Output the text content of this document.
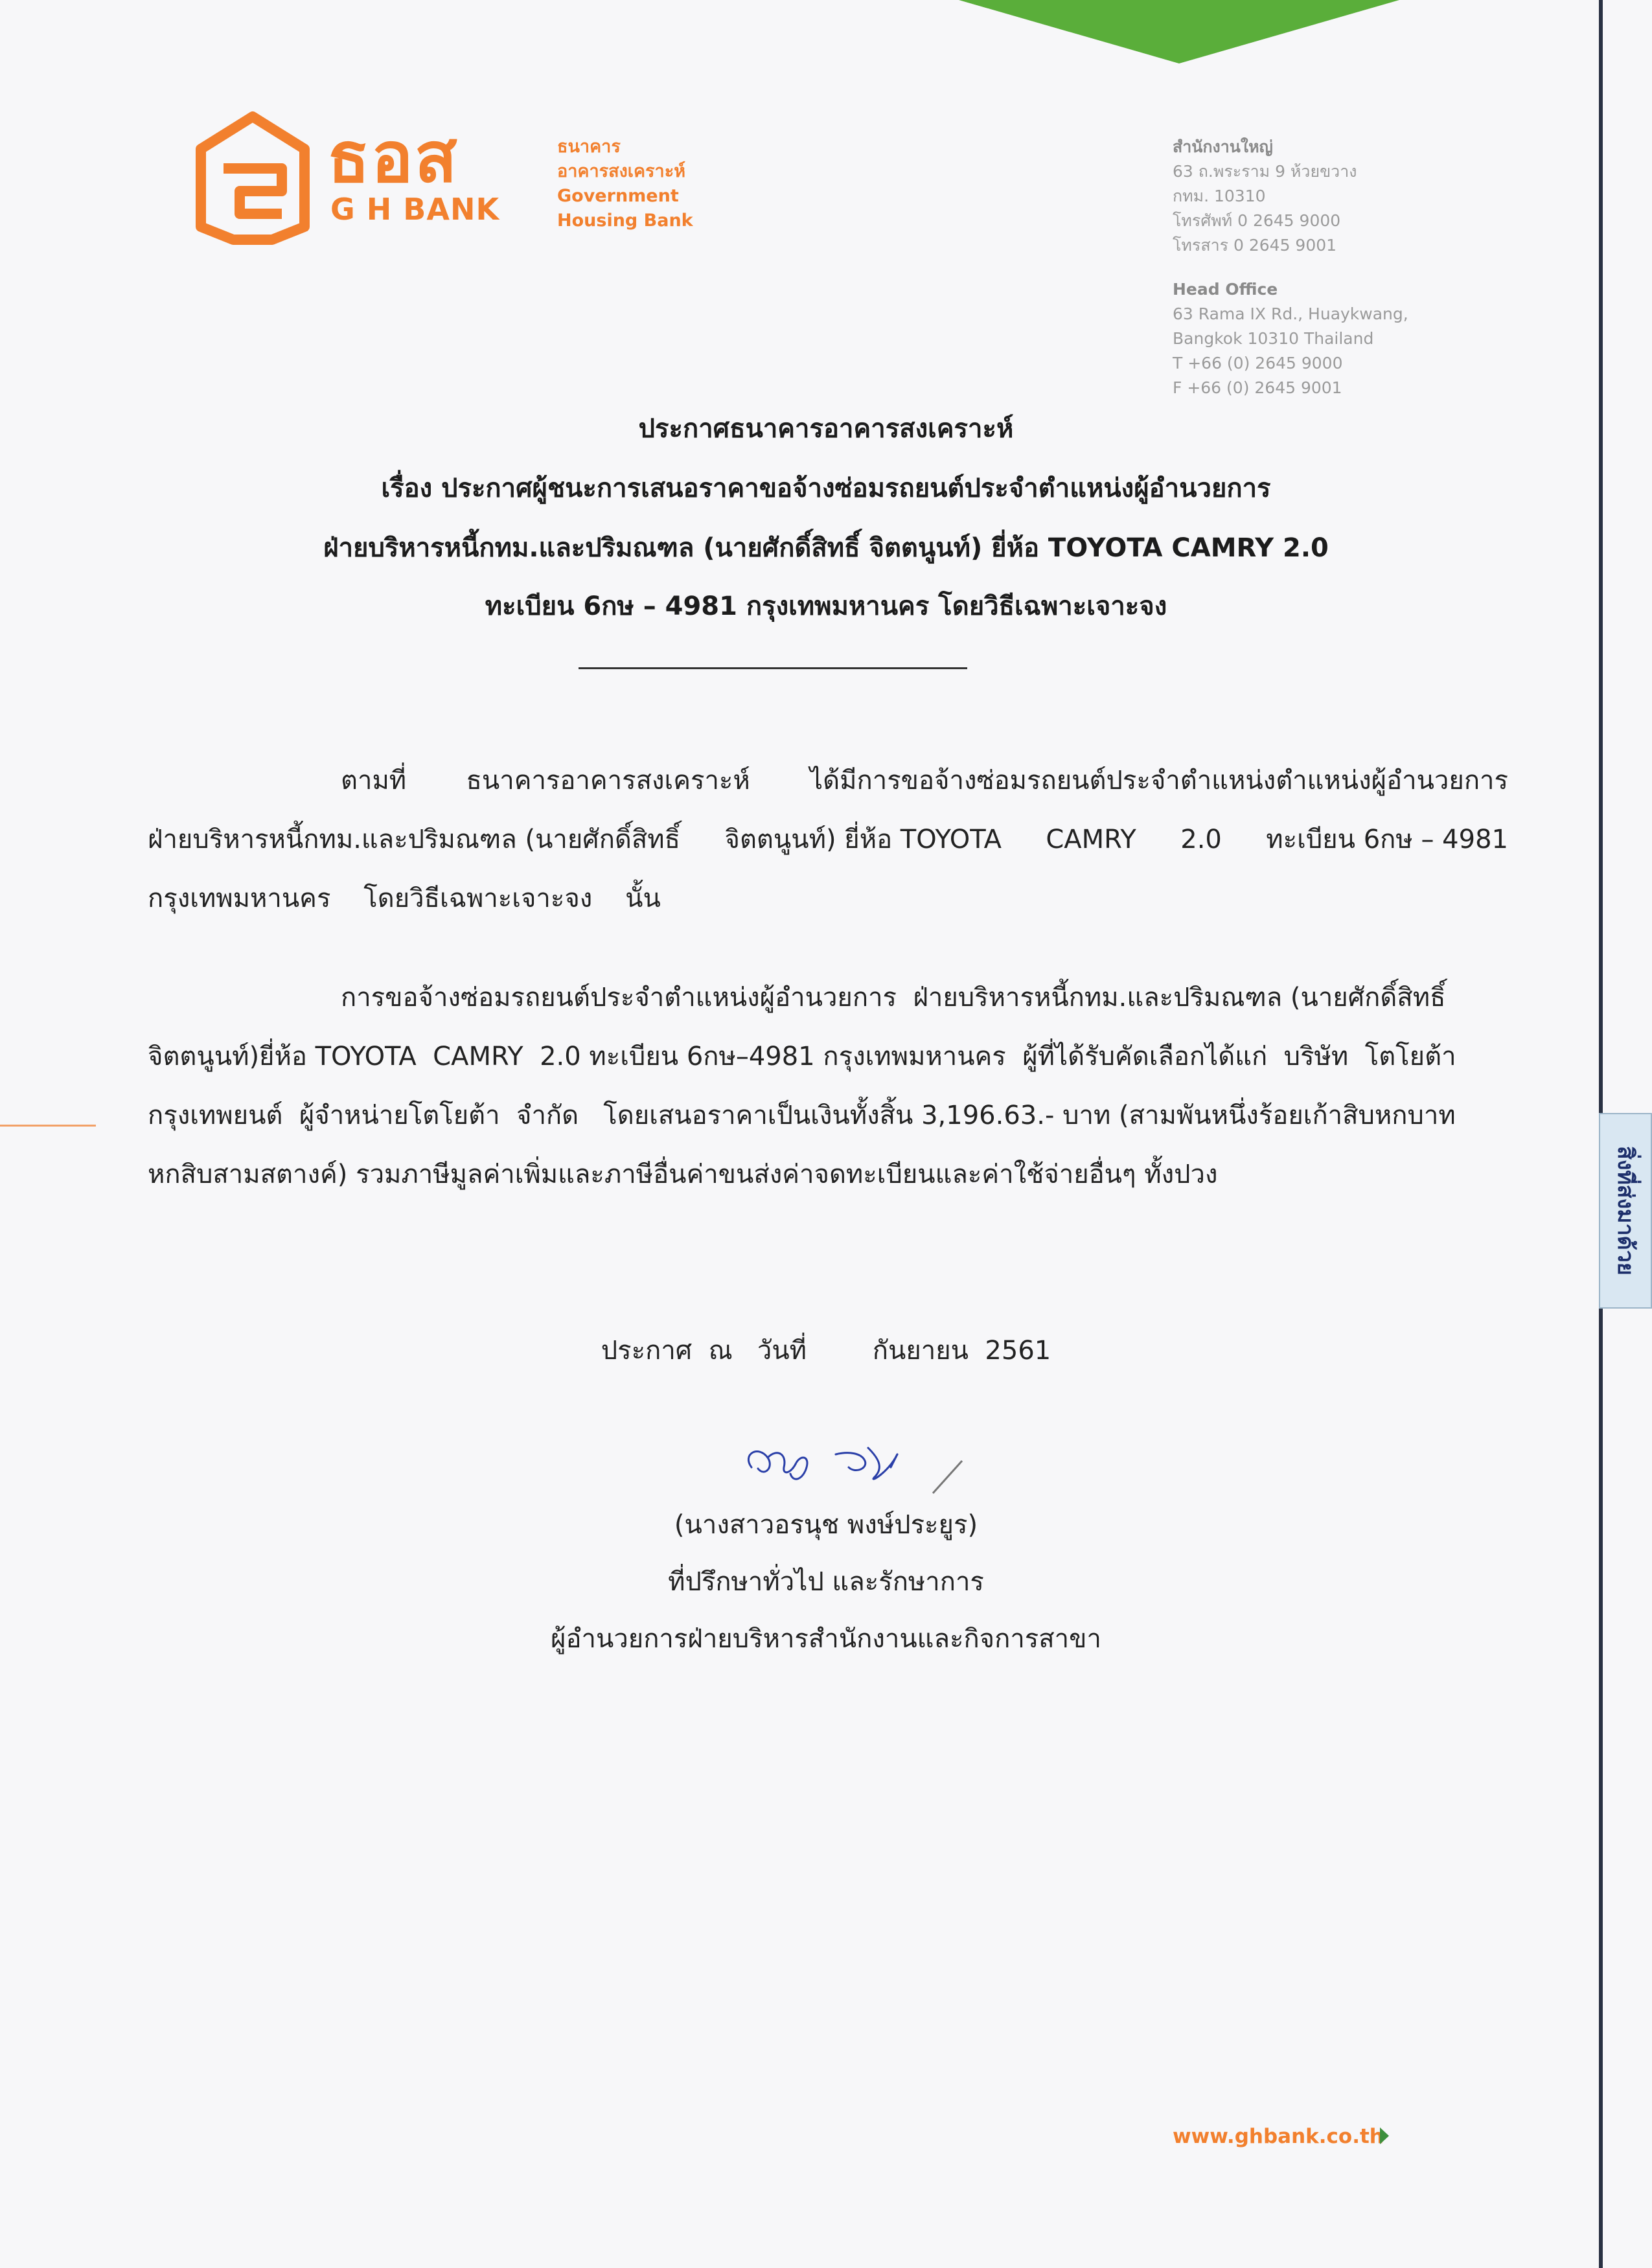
ธอส
G H BANK
ธนาคาร
อาคารสงเคราะห์
Government
Housing Bank
สำนักงานใหญ่
63 ถ.พระราม 9 ห้วยขวาง
กทม. 10310
โทรศัพท์ 0 2645 9000
โทรสาร 0 2645 9001
Head Office
63 Rama IX Rd., Huaykwang,
Bangkok 10310 Thailand
T +66 (0) 2645 9000
F +66 (0) 2645 9001
ประกาศธนาคารอาคารสงเคราะห์
เรื่อง ประกาศผู้ชนะการเสนอราคาขอจ้างซ่อมรถยนต์ประจำตำแหน่งผู้อำนวยการ
ฝ่ายบริหารหนี้กทม.และปริมณฑล (นายศักดิ์สิทธิ์ จิตตนูนท์) ยี่ห้อ TOYOTA CAMRY 2.0
ทะเบียน 6กษ – 4981 กรุงเทพมหานคร โดยวิธีเฉพาะเจาะจง
ตามที่ ธนาคารอาคารสงเคราะห์ ได้มีการขอจ้างซ่อมรถยนต์ประจำตำแหน่งตำแหน่งผู้อำนวยการ
ฝ่ายบริหารหนี้กทม.และปริมณฑล (นายศักดิ์สิทธิ์ จิตตนูนท์) ยี่ห้อ TOYOTA CAMRY 2.0 ทะเบียน 6กษ – 4981
กรุงเทพมหานคร    โดยวิธีเฉพาะเจาะจง    นั้น
การขอจ้างซ่อมรถยนต์ประจำตำแหน่งผู้อำนวยการ  ฝ่ายบริหารหนี้กทม.และปริมณฑล (นายศักดิ์สิทธิ์
จิตตนูนท์)ยี่ห้อ TOYOTA  CAMRY  2.0 ทะเบียน 6กษ–4981 กรุงเทพมหานคร  ผู้ที่ได้รับคัดเลือกได้แก่  บริษัท  โตโยต้า
กรุงเทพยนต์  ผู้จำหน่ายโตโยต้า  จำกัด   โดยเสนอราคาเป็นเงินทั้งสิ้น 3,196.63.- บาท (สามพันหนึ่งร้อยเก้าสิบหกบาท
หกสิบสามสตางค์) รวมภาษีมูลค่าเพิ่มและภาษีอื่นค่าขนส่งค่าจดทะเบียนและค่าใช้จ่ายอื่นๆ ทั้งปวง
ประกาศ  ณ   วันที่        กันยายน  2561
(นางสาวอรนุช พงษ์ประยูร)
ที่ปรึกษาทั่วไป และรักษาการ
ผู้อำนวยการฝ่ายบริหารสำนักงานและกิจการสาขา
สิ่งที่ส่งมาด้วย
www.ghbank.co.th
